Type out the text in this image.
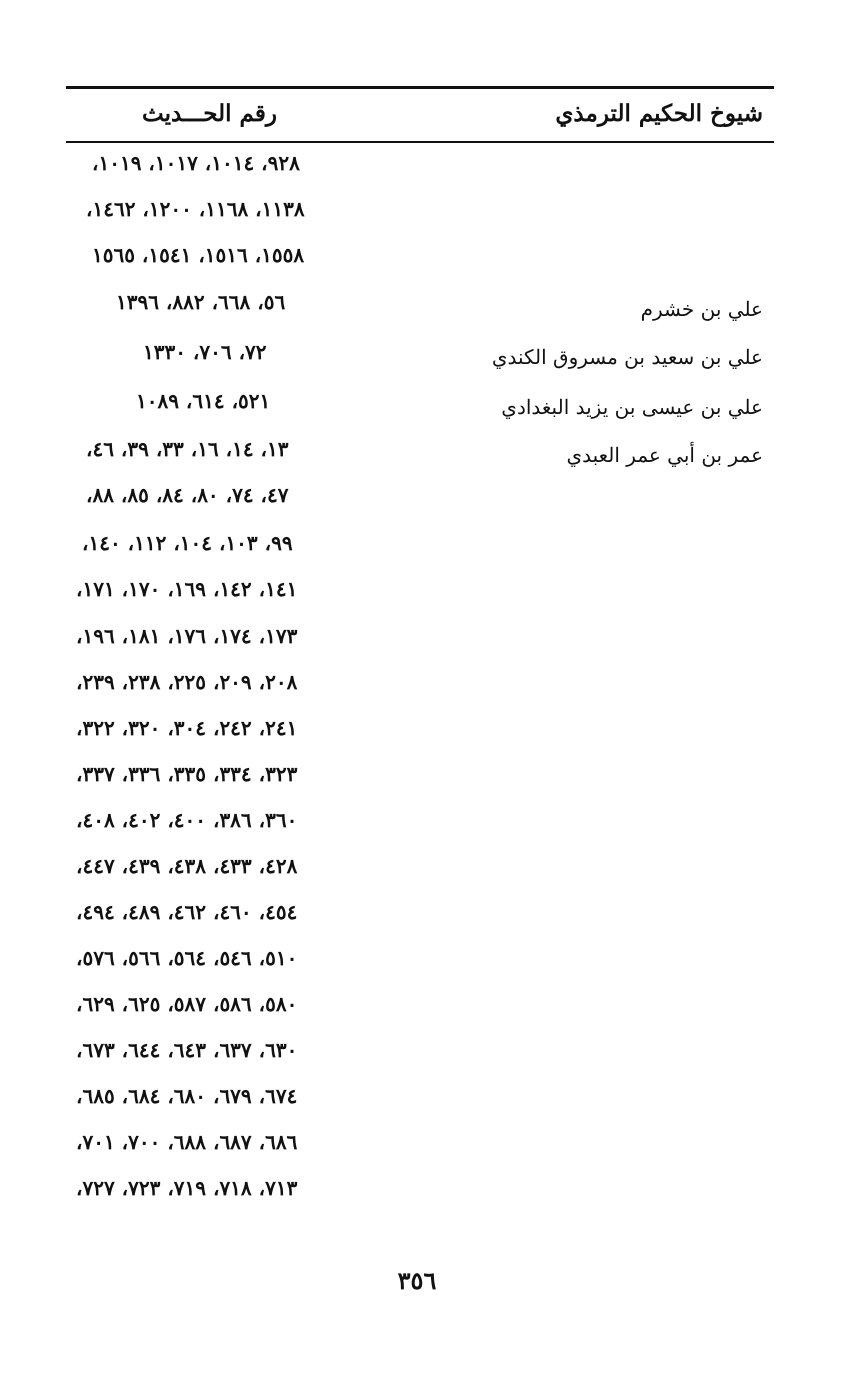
شيوخ الحكيم الترمذي
رقم الحـــديث
٩٢٨، ١٠١٤، ١٠١٧، ١٠١٩،
١١٣٨، ١١٦٨، ١٢٠٠، ١٤٦٢،
١٥٥٨، ١٥١٦، ١٥٤١، ١٥٦٥
علي بن خشرم
٥٦، ٦٦٨، ٨٨٢، ١٣٩٦
علي بن سعيد بن مسروق الكندي
٧٢، ٧٠٦، ١٣٣٠
علي بن عيسى بن يزيد البغدادي
٥٢١، ٦١٤، ١٠٨٩
عمر بن أبي عمر العبدي
١٣، ١٤، ١٦، ٣٣، ٣٩، ٤٦،
٤٧، ٧٤، ٨٠، ٨٤، ٨٥، ٨٨،
٩٩، ١٠٣، ١٠٤، ١١٢، ١٤٠،
١٤١، ١٤٢، ١٦٩، ١٧٠، ١٧١،
١٧٣، ١٧٤، ١٧٦، ١٨١، ١٩٦،
٢٠٨، ٢٠٩، ٢٢٥، ٢٣٨، ٢٣٩،
٢٤١، ٢٤٢، ٣٠٤، ٣٢٠، ٣٢٢،
٣٢٣، ٣٣٤، ٣٣٥، ٣٣٦، ٣٣٧،
٣٦٠، ٣٨٦، ٤٠٠، ٤٠٢، ٤٠٨،
٤٢٨، ٤٣٣، ٤٣٨، ٤٣٩، ٤٤٧،
٤٥٤، ٤٦٠، ٤٦٢، ٤٨٩، ٤٩٤،
٥١٠، ٥٤٦، ٥٦٤، ٥٦٦، ٥٧٦،
٥٨٠، ٥٨٦، ٥٨٧، ٦٢٥، ٦٢٩،
٦٣٠، ٦٣٧، ٦٤٣، ٦٤٤، ٦٧٣،
٦٧٤، ٦٧٩، ٦٨٠، ٦٨٤، ٦٨٥،
٦٨٦، ٦٨٧، ٦٨٨، ٧٠٠، ٧٠١،
٧١٣، ٧١٨، ٧١٩، ٧٢٣، ٧٢٧،
٣٥٦
